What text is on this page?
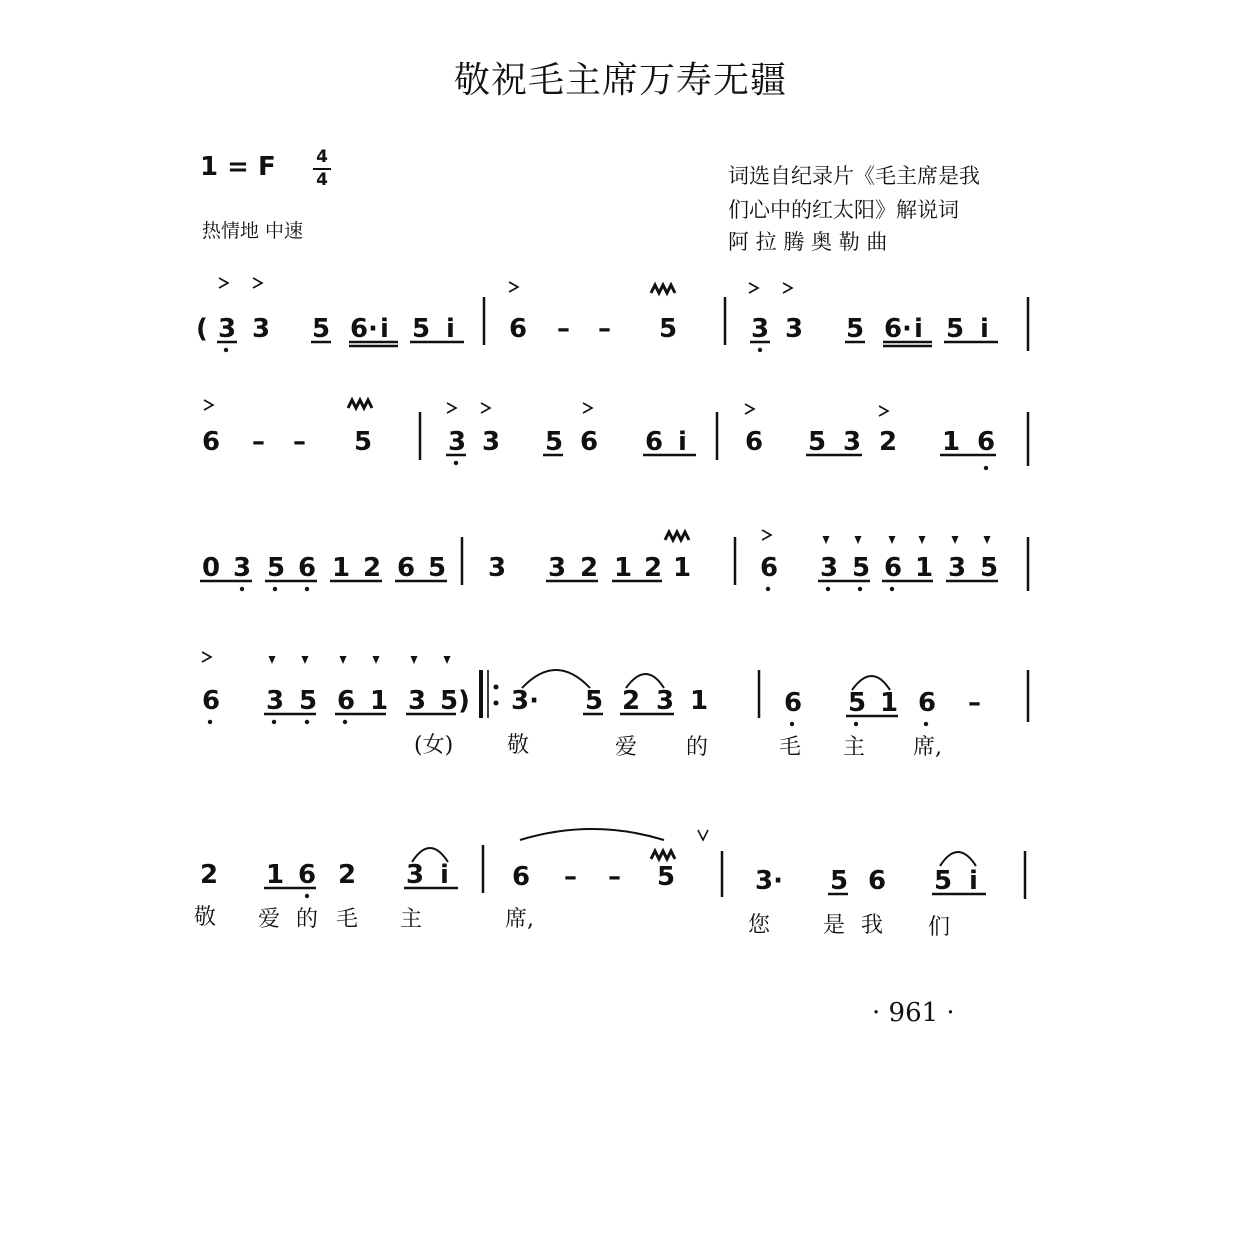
敬祝毛主席万寿无疆
1 = F 4
4
热情地 中速
词选自纪录片《毛主席是我
们心中的红太阳》解说词
阿 拉 腾 奥 勒 曲
( 3 3 5 6 · i 5 i 6 – – 5	3 3 5 6 · i 5 i
6 – – 5	3 3 5 6 6 i 6 5 3 2 1 6
0 3 5 6 1 2 6 5 3 3 2 1 2 1	6 3 5 6 1 3 5
6 3 5 6 1 3 5 ) 3· 5 2 3 1	6 5 1 6 –
(女) 敬	爱 的	毛 主 席,
2 1 6 2 3 i 6 – – 5	3· 5 6 5 i
敬 爱 的 毛 主	席,	您 是 我 们
· 961 ·
